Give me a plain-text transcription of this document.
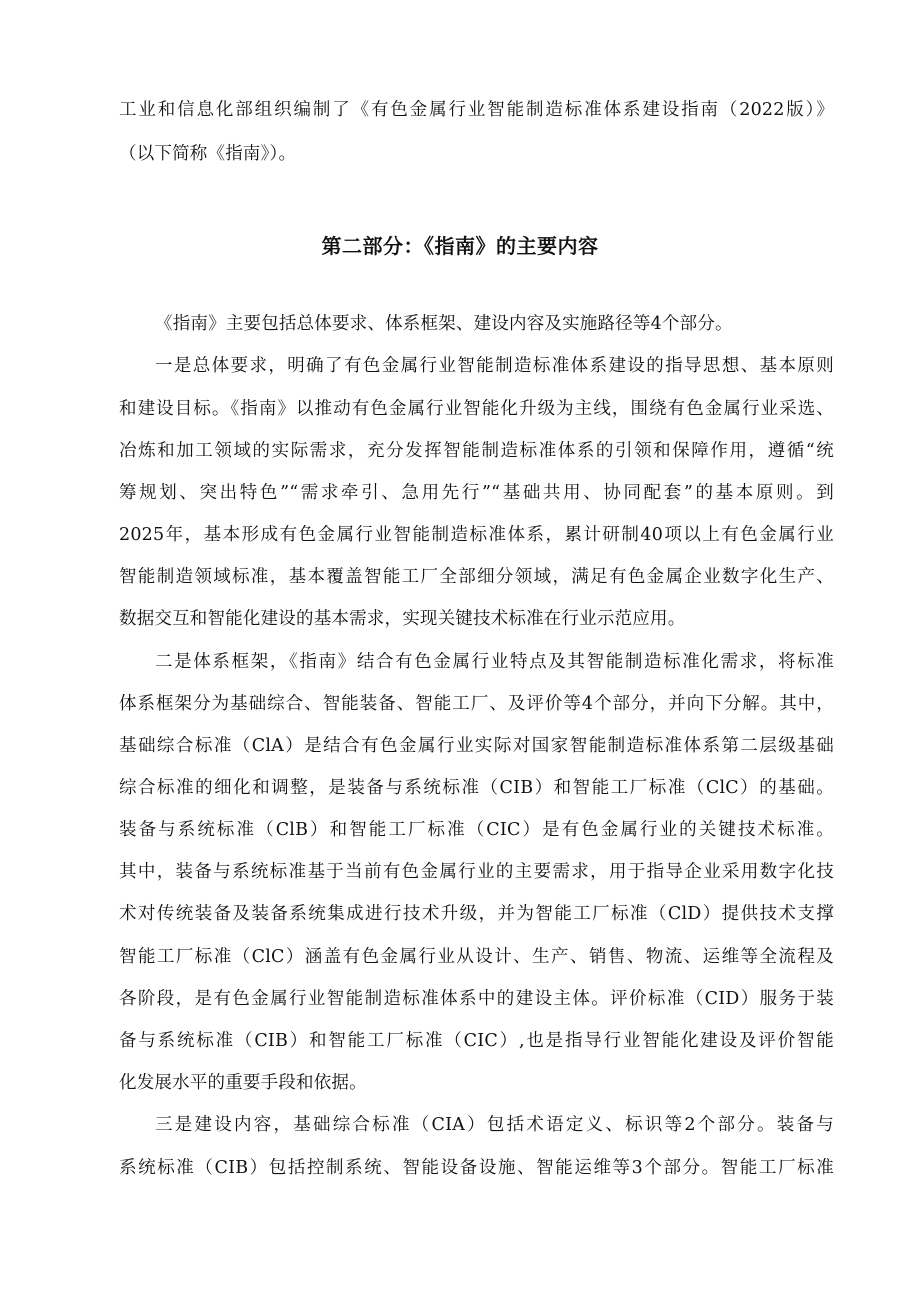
工业和信息化部组织编制了《有色金属行业智能制造标准体系建设指南（2022版）》
（以下简称《指南》）。
第二部分：《指南》的主要内容
《指南》主要包括总体要求、体系框架、建设内容及实施路径等4个部分。
一是总体要求，明确了有色金属行业智能制造标准体系建设的指导思想、基本原则
和建设目标。《指南》以推动有色金属行业智能化升级为主线，围绕有色金属行业采选、
冶炼和加工领域的实际需求，充分发挥智能制造标准体系的引领和保障作用，遵循“统
筹规划、突出特色”“需求牵引、急用先行”“基础共用、协同配套”的基本原则。到
2025年，基本形成有色金属行业智能制造标准体系，累计研制40项以上有色金属行业
智能制造领域标准，基本覆盖智能工厂全部细分领域，满足有色金属企业数字化生产、
数据交互和智能化建设的基本需求，实现关键技术标准在行业示范应用。
二是体系框架，《指南》结合有色金属行业特点及其智能制造标准化需求，将标准
体系框架分为基础综合、智能装备、智能工厂、及评价等4个部分，并向下分解。其中，
基础综合标准（ClA）是结合有色金属行业实际对国家智能制造标准体系第二层级基础
综合标准的细化和调整，是装备与系统标准（CIB）和智能工厂标准（ClC）的基础。
装备与系统标准（ClB）和智能工厂标准（CIC）是有色金属行业的关键技术标准。
其中，装备与系统标准基于当前有色金属行业的主要需求，用于指导企业采用数字化技
术对传统装备及装备系统集成进行技术升级，并为智能工厂标准（ClD）提供技术支撑
智能工厂标准（ClC）涵盖有色金属行业从设计、生产、销售、物流、运维等全流程及
各阶段，是有色金属行业智能制造标准体系中的建设主体。评价标准（CID）服务于装
备与系统标准（CIB）和智能工厂标准（CIC）,也是指导行业智能化建设及评价智能
化发展水平的重要手段和依据。
三是建设内容，基础综合标准（CIA）包括术语定义、标识等2个部分。装备与
系统标准（CIB）包括控制系统、智能设备设施、智能运维等3个部分。智能工厂标准
